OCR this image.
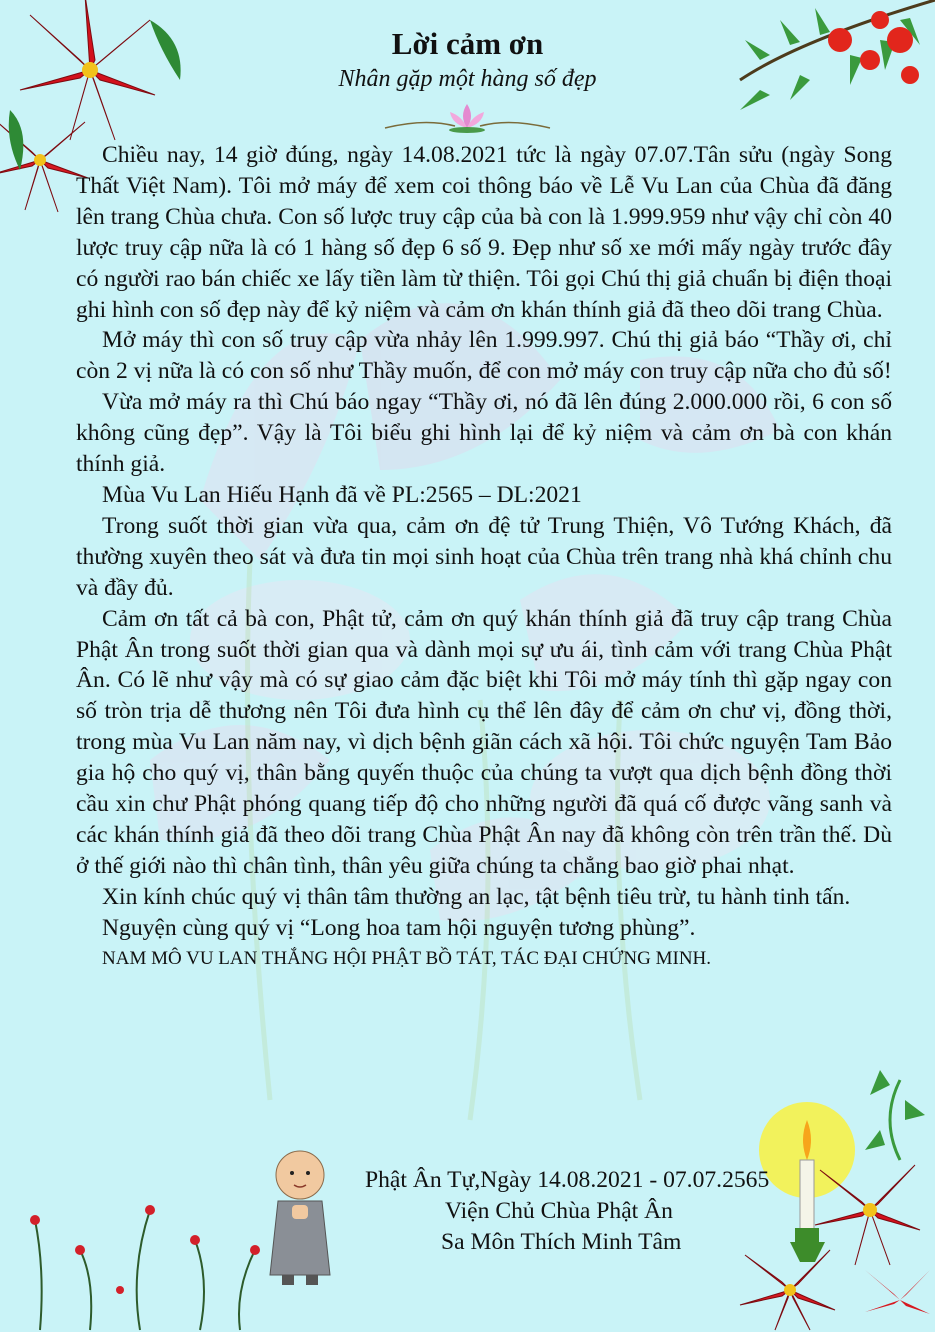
Lời cảm ơn
Nhân gặp một hàng số đẹp

Chiều nay, 14 giờ đúng, ngày 14.08.2021 tức là ngày 07.07.Tân sửu (ngày Song Thất Việt Nam). Tôi mở máy để xem coi thông báo về Lễ Vu Lan của Chùa đã đăng lên trang Chùa chưa. Con số lược truy cập của bà con là 1.999.959 như vậy chỉ còn 40 lược truy cập nữa là có 1 hàng số đẹp 6 số 9. Đẹp như số xe mới mấy ngày trước đây có người rao bán chiếc xe lấy tiền làm từ thiện. Tôi gọi Chú thị giả chuẩn bị điện thoại ghi hình con số đẹp này để kỷ niệm và cảm ơn khán thính giả đã theo dõi trang Chùa.

Mở máy thì con số truy cập vừa nhảy lên 1.999.997. Chú thị giả báo “Thầy ơi, chỉ còn 2 vị nữa là có con số như Thầy muốn, để con mở máy con truy cập nữa cho đủ số!

Vừa mở máy ra thì Chú báo ngay “Thầy ơi, nó đã lên đúng 2.000.000 rồi, 6 con số không cũng đẹp”. Vậy là Tôi biểu ghi hình lại để kỷ niệm và cảm ơn bà con khán thính giả.

Mùa Vu Lan Hiếu Hạnh đã về PL:2565 – DL:2021

Trong suốt thời gian vừa qua, cảm ơn đệ tử Trung Thiện, Vô Tướng Khách, đã thường xuyên theo sát và đưa tin mọi sinh hoạt của Chùa trên trang nhà khá chỉnh chu và đầy đủ.

Cảm ơn tất cả bà con, Phật tử, cảm ơn quý khán thính giả đã truy cập trang Chùa Phật Ân trong suốt thời gian qua và dành mọi sự ưu ái, tình cảm với trang Chùa Phật Ân. Có lẽ như vậy mà có sự giao cảm đặc biệt khi Tôi mở máy tính thì gặp ngay con số tròn trịa dễ thương nên Tôi đưa hình cụ thể lên đây để cảm ơn chư vị, đồng thời, trong mùa Vu Lan năm nay, vì dịch bệnh giãn cách xã hội. Tôi chức nguyện Tam Bảo gia hộ cho quý vị, thân bằng quyến thuộc của chúng ta vượt qua dịch bệnh đồng thời cầu xin chư Phật phóng quang tiếp độ cho những người đã quá cố được vãng sanh và các khán thính giả đã theo dõi trang Chùa Phật Ân nay đã không còn trên trần thế. Dù ở thế giới nào thì chân tình, thân yêu giữa chúng ta chẳng bao giờ phai nhạt.

Xin kính chúc quý vị thân tâm thường an lạc, tật bệnh tiêu trừ, tu hành tinh tấn.

Nguyện cùng quý vị “Long hoa tam hội nguyện tương phùng”.

NAM MÔ VU LAN THẮNG HỘI PHẬT BỒ TÁT, TÁC ĐẠI CHỨNG MINH.

Phật Ân Tự,Ngày 14.08.2021 - 07.07.2565
Viện Chủ Chùa Phật Ân
Sa Môn Thích Minh Tâm
